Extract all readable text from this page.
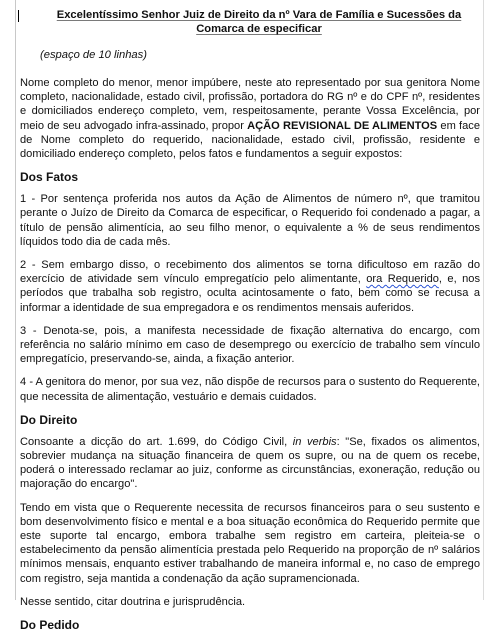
Excelentíssimo Senhor Juiz de Direito da nº Vara de Família e Sucessões da Comarca de especificar
(espaço de 10 linhas)

Nome completo do menor, menor impúbere, neste ato representado por sua genitora Nome completo, nacionalidade, estado civil, profissão, portadora do RG nº e do CPF nº, residentes e domiciliados endereço completo, vem, respeitosamente, perante Vossa Excelência, por meio de seu advogado infra-assinado, propor AÇÃO REVISIONAL DE ALIMENTOS em face de Nome completo do requerido, nacionalidade, estado civil, profissão, residente e domiciliado endereço completo, pelos fatos e fundamentos a seguir expostos:

Dos Fatos

1 - Por sentença proferida nos autos da Ação de Alimentos de número nº, que tramitou perante o Juízo de Direito da Comarca de especificar, o Requerido foi condenado a pagar, a título de pensão alimentícia, ao seu filho menor, o equivalente a % de seus rendimentos líquidos todo dia de cada mês.

2 - Sem embargo disso, o recebimento dos alimentos se torna dificultoso em razão do exercício de atividade sem vínculo empregatício pelo alimentante, ora Requerido, e, nos períodos que trabalha sob registro, oculta acintosamente o fato, bem como se recusa a informar a identidade de sua empregadora e os rendimentos mensais auferidos.

3 - Denota-se, pois, a manifesta necessidade de fixação alternativa do encargo, com referência no salário mínimo em caso de desemprego ou exercício de trabalho sem vínculo empregatício, preservando-se, ainda, a fixação anterior.

4 - A genitora do menor, por sua vez, não dispõe de recursos para o sustento do Requerente, que necessita de alimentação, vestuário e demais cuidados.

Do Direito

Consoante a dicção do art. 1.699, do Código Civil, in verbis: "Se, fixados os alimentos, sobrevier mudança na situação financeira de quem os supre, ou na de quem os recebe, poderá o interessado reclamar ao juiz, conforme as circunstâncias, exoneração, redução ou majoração do encargo".

Tendo em vista que o Requerente necessita de recursos financeiros para o seu sustento e bom desenvolvimento físico e mental e a boa situação econômica do Requerido permite que este suporte tal encargo, embora trabalhe sem registro em carteira, pleiteia-se o estabelecimento da pensão alimentícia prestada pelo Requerido na proporção de nº salários mínimos mensais, enquanto estiver trabalhando de maneira informal e, no caso de emprego com registro, seja mantida a condenação da ação supramencionada.

Nesse sentido, citar doutrina e jurisprudência.

Do Pedido
